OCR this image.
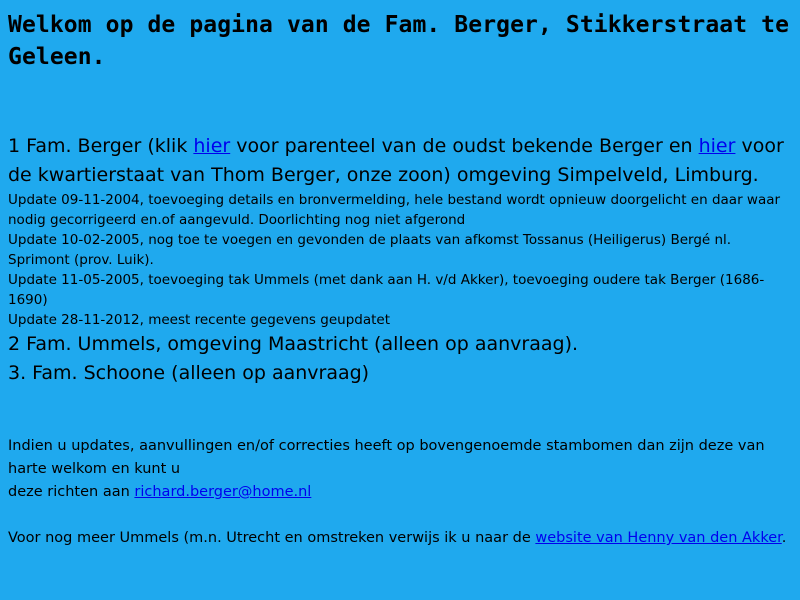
Welkom op de pagina van de Fam. Berger, Stikkerstraat te Geleen.

1 Fam. Berger (klik hier voor parenteel van de oudst bekende Berger en hier voor de kwartierstaat van Thom Berger, onze zoon) omgeving Simpelveld, Limburg.

Update 09-11-2004, toevoeging details en bronvermelding, hele bestand wordt opnieuw doorgelicht en daar waar nodig gecorrigeerd en.of aangevuld. Doorlichting nog niet afgerond
Update 10-02-2005, nog toe te voegen en gevonden de plaats van afkomst Tossanus (Heiligerus) Bergé nl. Sprimont (prov. Luik).
Update 11-05-2005, toevoeging tak Ummels (met dank aan H. v/d Akker), toevoeging oudere tak Berger (1686-1690)
Update 28-11-2012, meest recente gegevens geupdatet
2 Fam. Ummels, omgeving Maastricht (alleen op aanvraag).
3. Fam. Schoone (alleen op aanvraag)
Indien u updates, aanvullingen en/of correcties heeft op bovengenoemde stambomen dan zijn deze van harte welkom en kunt u
deze richten aan richard.berger@home.nl
Voor nog meer Ummels (m.n. Utrecht en omstreken verwijs ik u naar de website van Henny van den Akker.
